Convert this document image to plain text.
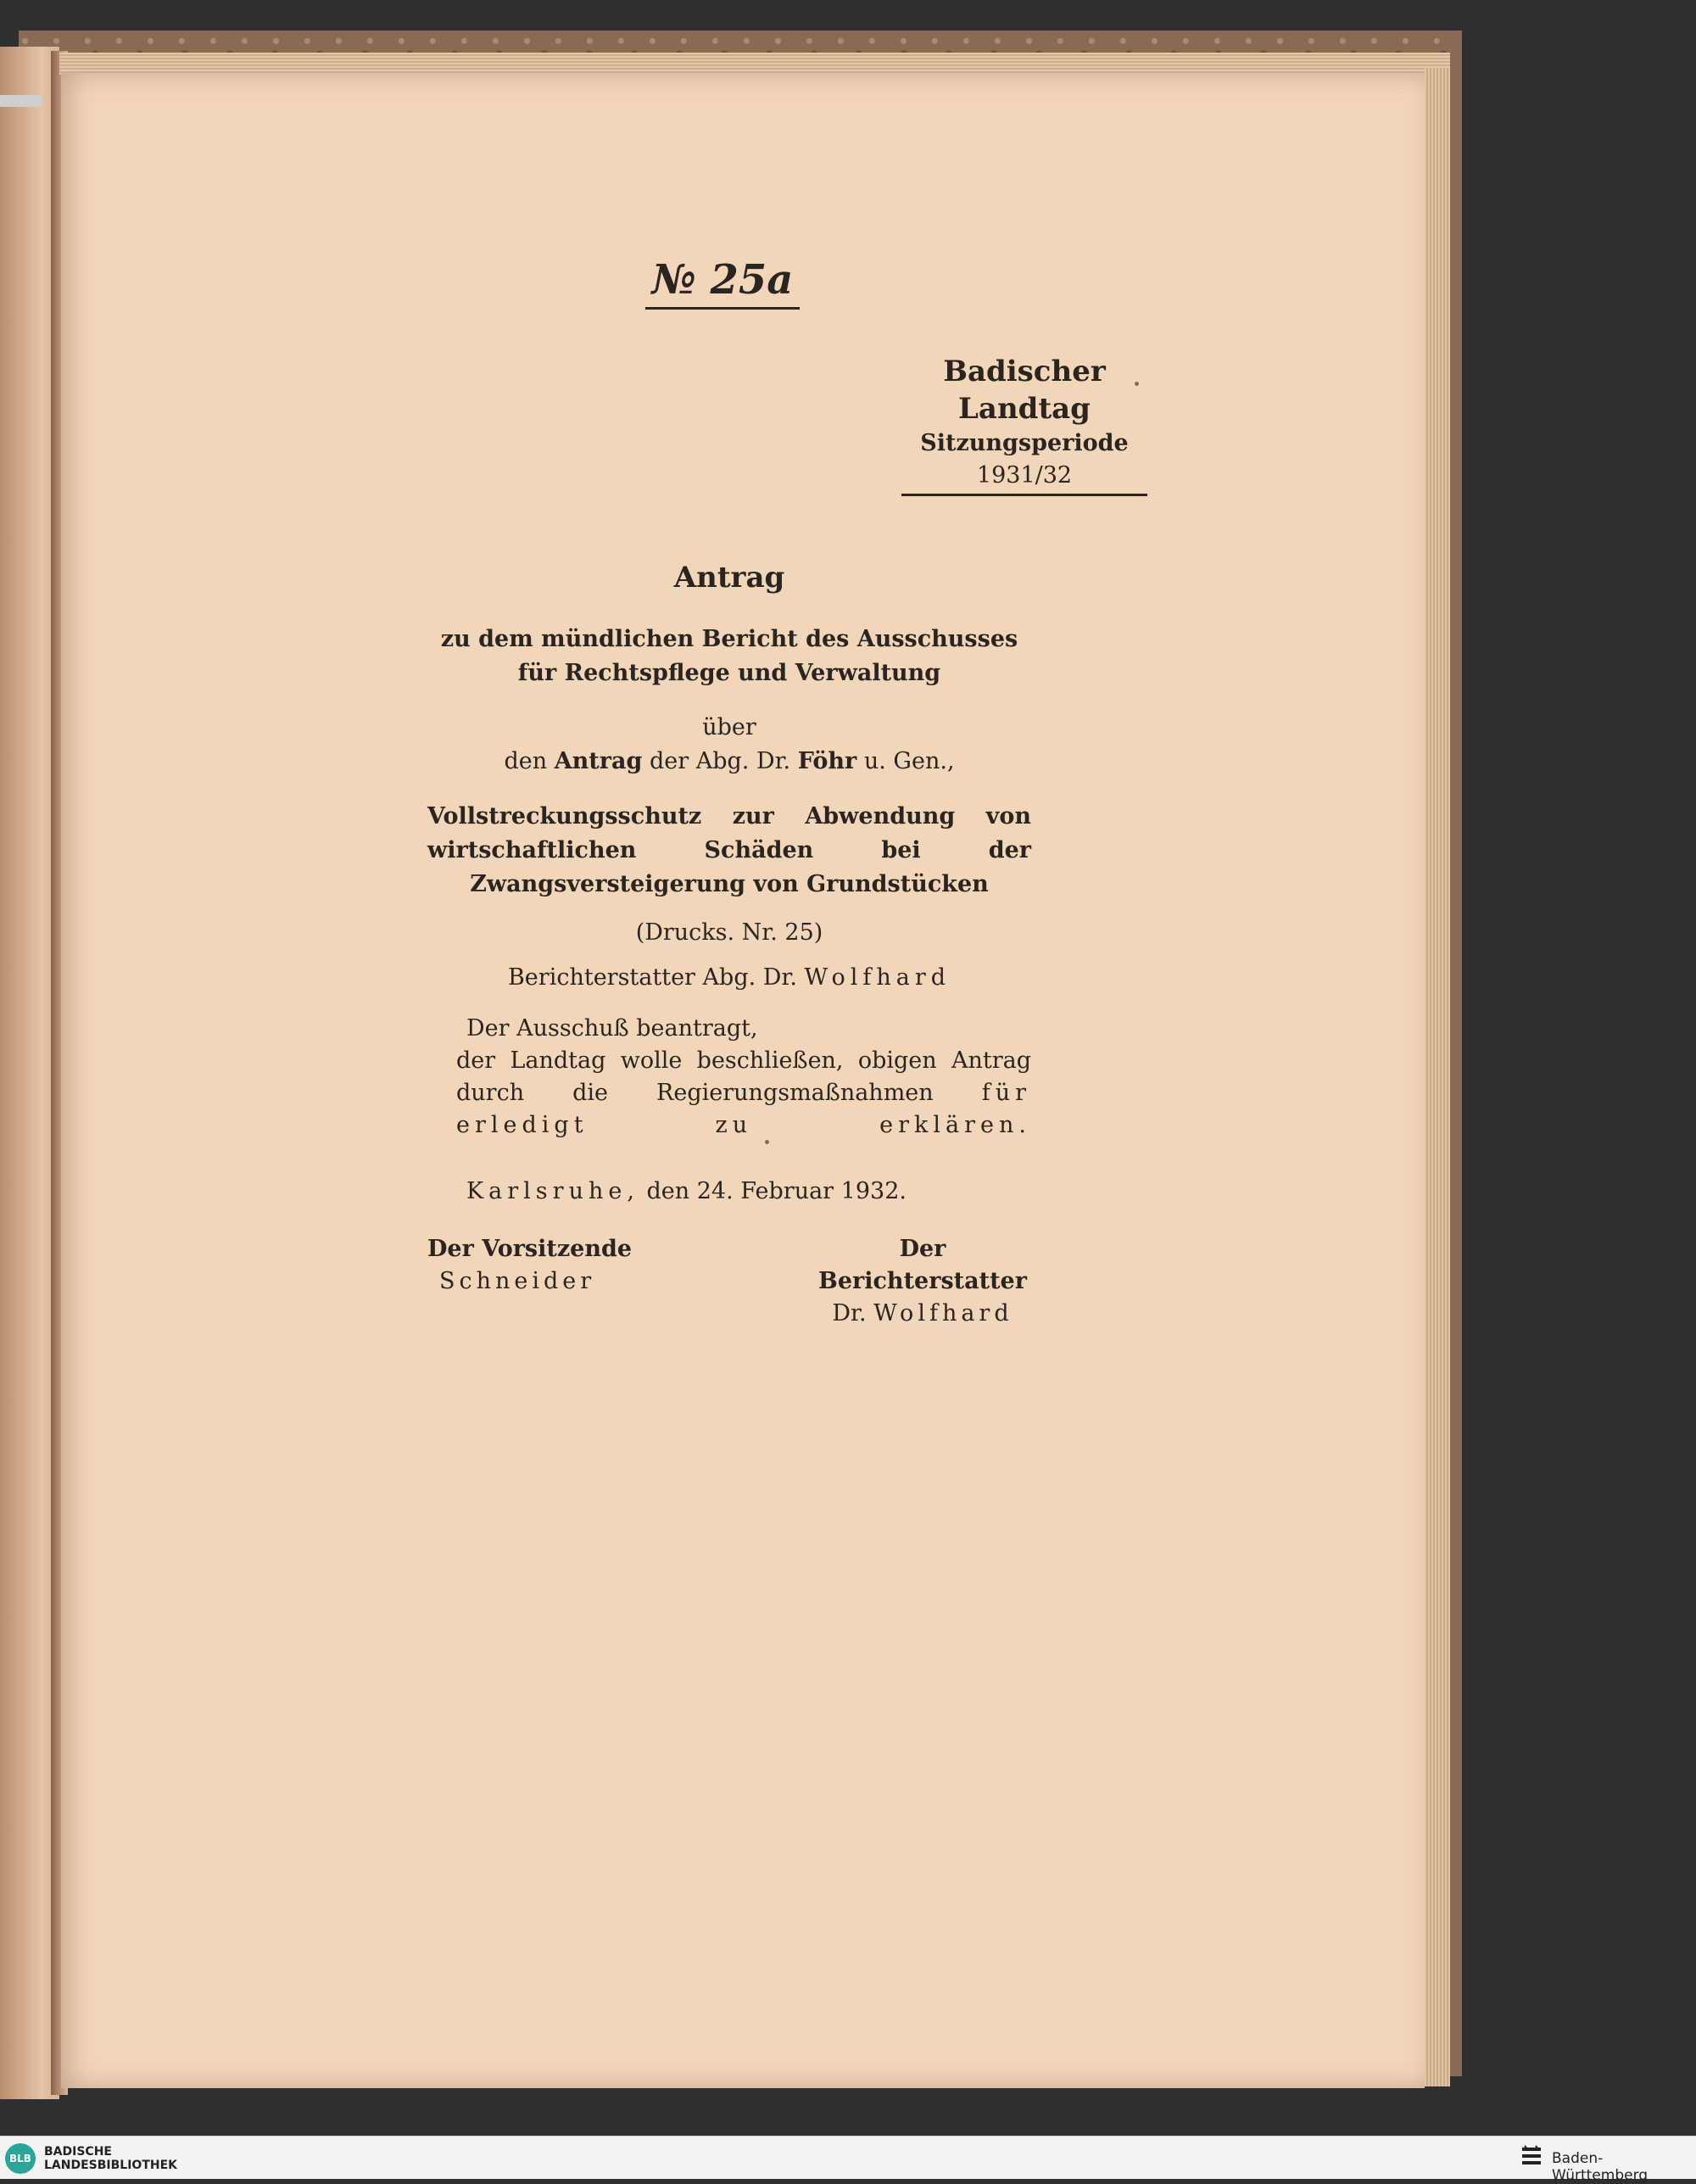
№ 25a
Badischer Landtag
Sitzungsperiode
1931/32
Antrag
zu dem mündlichen Bericht des Ausschusses für Rechtspflege und Verwaltung
über
den Antrag der Abg. Dr. Föhr u. Gen.,
Vollstreckungsschutz zur Abwendung von wirtschaftlichen Schäden bei der Zwangsversteigerung von Grundstücken
(Drucks. Nr. 25)
Berichterstatter Abg. Dr. Wolfhard

Der Ausschuß beantragt,

der Landtag wolle beschließen, obigen Antrag durch die Regierungsmaßnahmen für erledigt zu erklären.

Karlsruhe, den 24. Februar 1932.
Der Vorsitzende
Schneider
Der Berichterstatter
Dr. Wolfhard
BLB	BADISCHE
LANDESBIBLIOTHEK	Baden-Württemberg
